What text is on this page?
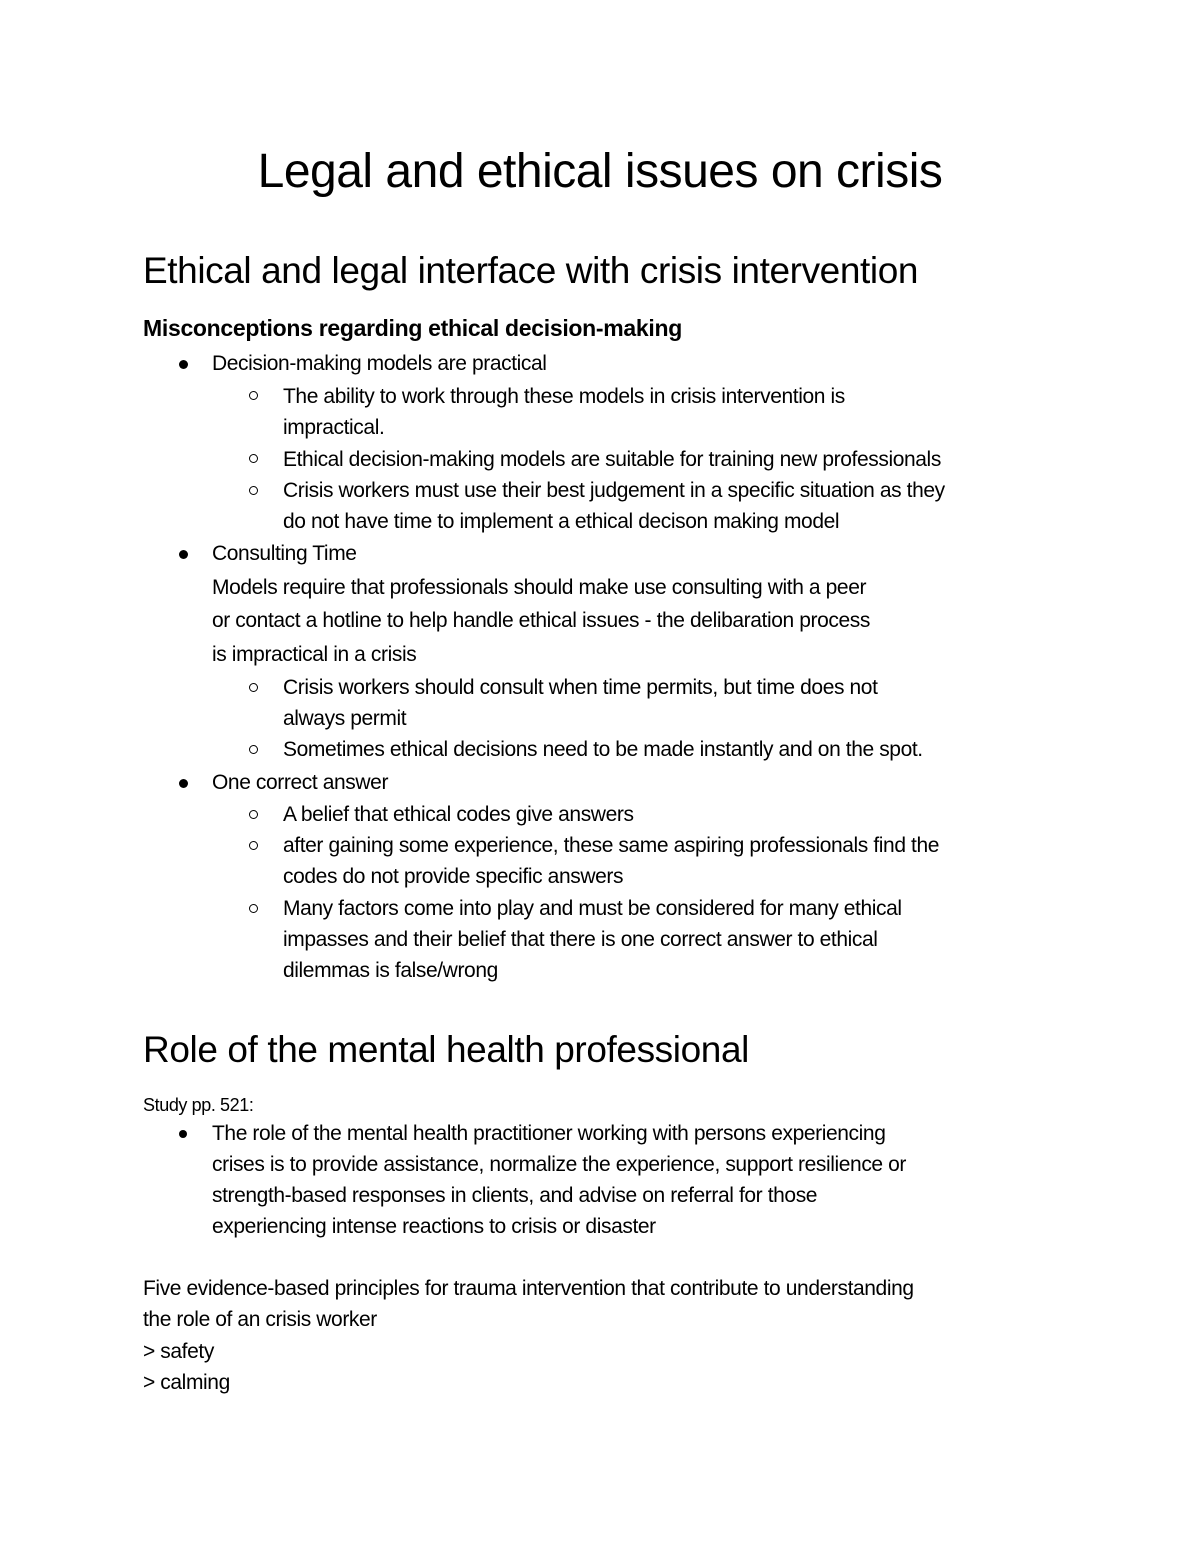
Legal and ethical issues on crisis
Ethical and legal interface with crisis intervention
Misconceptions regarding ethical decision-making
Decision-making models are practical
The ability to work through these models in crisis intervention is
impractical.
Ethical decision-making models are suitable for training new professionals
Crisis workers must use their best judgement in a specific situation as they
do not have time to implement a ethical decison making model
Consulting Time
Models require that professionals should make use consulting with a peer
or contact a hotline to help handle ethical issues - the delibaration process
is impractical in a crisis
Crisis workers should consult when time permits, but time does not
always permit
Sometimes ethical decisions need to be made instantly and on the spot.
One correct answer
A belief that ethical codes give answers
after gaining some experience, these same aspiring professionals find the
codes do not provide specific answers
Many factors come into play and must be considered for many ethical
impasses and their belief that there is one correct answer to ethical
dilemmas is false/wrong
Role of the mental health professional
Study pp. 521:
The role of the mental health practitioner working with persons experiencing
crises is to provide assistance, normalize the experience, support resilience or
strength-based responses in clients, and advise on referral for those
experiencing intense reactions to crisis or disaster
Five evidence-based principles for trauma intervention that contribute to understanding
the role of an crisis worker
> safety
> calming
